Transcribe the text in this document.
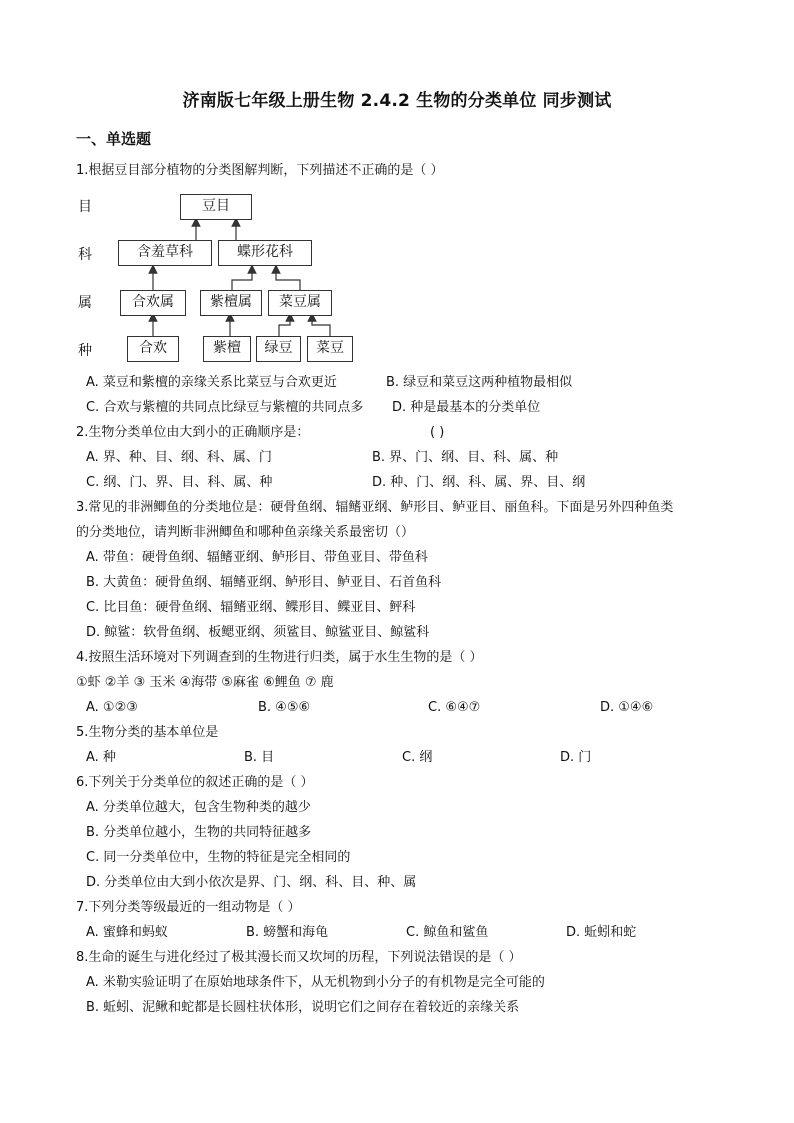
济南版七年级上册生物 2.4.2 生物的分类单位 同步测试
一、单选题
1.根据豆目部分植物的分类图解判断，下列描述不正确的是（ ）
目
科
属
种
豆目
含羞草科	蝶形花科
合欢属	紫檀属	菜豆属
合欢	紫檀	绿豆	菜豆
A. 菜豆和紫檀的亲缘关系比菜豆与合欢更近	B. 绿豆和菜豆这两种植物最相似
C. 合欢与紫檀的共同点比绿豆与紫檀的共同点多 D. 种是最基本的分类单位
2.生物分类单位由大到小的正确顺序是：	( )
A. 界、种、目、纲、科、属、门	B. 界、门、纲、目、科、属、种
C. 纲、门、界、目、科、属、种	D. 种、门、纲、科、属、界、目、纲
3.常见的非洲鲫鱼的分类地位是：硬骨鱼纲、辐鳍亚纲、鲈形目、鲈亚目、丽鱼科。下面是另外四种鱼类
的分类地位，请判断非洲鲫鱼和哪种鱼亲缘关系最密切（）
A. 带鱼：硬骨鱼纲、辐鳍亚纲、鲈形目、带鱼亚目、带鱼科
B. 大黄鱼：硬骨鱼纲、辐鳍亚纲、鲈形目、鲈亚目、石首鱼科
C. 比目鱼：硬骨鱼纲、辐鳍亚纲、鲽形目、鲽亚目、鲆科
D. 鲸鲨：软骨鱼纲、板鳃亚纲、须鲨目、鲸鲨亚目、鲸鲨科
4.按照生活环境对下列调查到的生物进行归类，属于水生生物的是（ ）
①虾 ②羊 ③ 玉米 ④海带 ⑤麻雀 ⑥鲤鱼 ⑦ 鹿
A. ①②③	B. ④⑤⑥	C. ⑥④⑦	D. ①④⑥
5.生物分类的基本单位是
A. 种	B. 目	C. 纲	D. 门
6.下列关于分类单位的叙述正确的是（ ）
A. 分类单位越大，包含生物种类的越少
B. 分类单位越小，生物的共同特征越多
C. 同一分类单位中，生物的特征是完全相同的
D. 分类单位由大到小依次是界、门、纲、科、目、种、属
7.下列分类等级最近的一组动物是（ ）
A. 蜜蜂和蚂蚁	B. 螃蟹和海龟	C. 鲸鱼和鲨鱼	D. 蚯蚓和蛇
8.生命的诞生与进化经过了极其漫长而又坎坷的历程，下列说法错误的是（ ）
A. 米勒实验证明了在原始地球条件下，从无机物到小分子的有机物是完全可能的
B. 蚯蚓、泥鳅和蛇都是长圆柱状体形，说明它们之间存在着较近的亲缘关系
